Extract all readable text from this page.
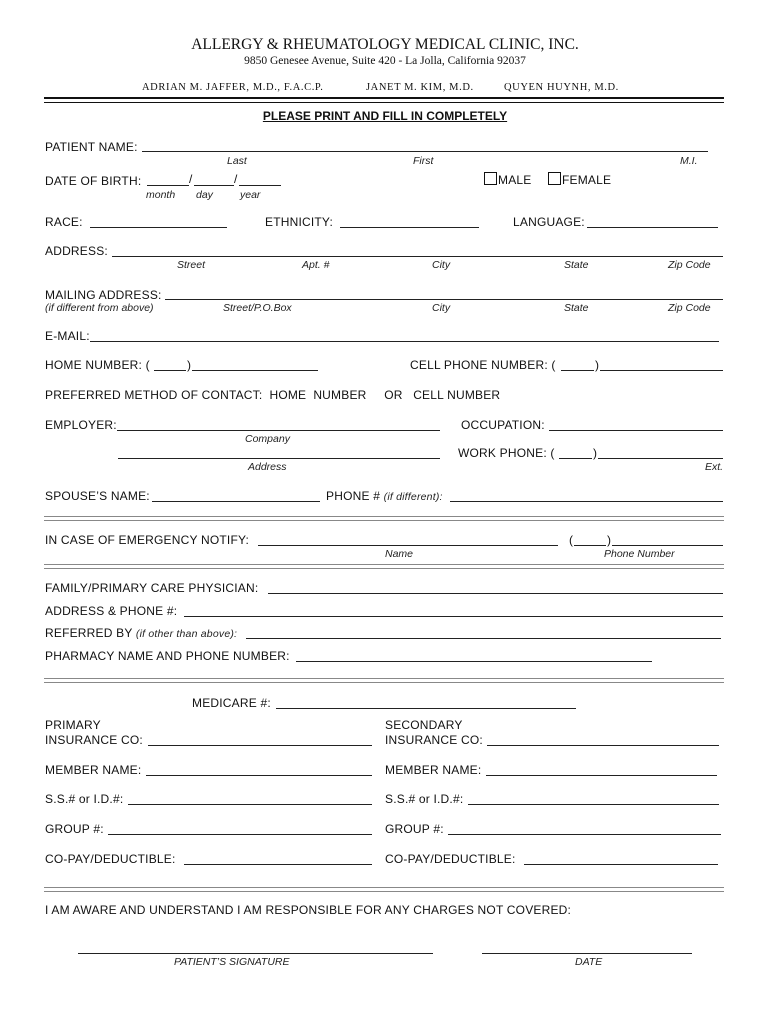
ALLERGY & RHEUMATOLOGY MEDICAL CLINIC, INC.
9850 Genesee Avenue, Suite 420 - La Jolla, California 92037
ADRIAN M. JAFFER, M.D., F.A.C.P.	JANET M. KIM, M.D.	QUYEN HUYNH, M.D.
PLEASE PRINT AND FILL IN COMPLETELY
PATIENT NAME:
Last	First	M.I.
DATE OF BIRTH:	/	/
month day	year
MALE	FEMALE
RACE:	ETHNICITY:	LANGUAGE:
ADDRESS:
Street	Apt. #	City	State	Zip Code
MAILING ADDRESS:
(if different from above)	Street/P.O.Box	City	State	Zip Code
E-MAIL:
HOME NUMBER: (	)	CELL PHONE NUMBER: (	)
PREFERRED METHOD OF CONTACT:  HOME  NUMBER     OR   CELL NUMBER
EMPLOYER:	OCCUPATION:
Company
WORK PHONE: (	)
Address	Ext.
SPOUSE’S NAME:	PHONE # (if different):
IN CASE OF EMERGENCY NOTIFY:	(	)
Name	Phone Number
FAMILY/PRIMARY CARE PHYSICIAN:
ADDRESS & PHONE #:
REFERRED BY (if other than above):
PHARMACY NAME AND PHONE NUMBER:
MEDICARE #:
PRIMARY	SECONDARY
INSURANCE CO:	INSURANCE CO:
MEMBER NAME:	MEMBER NAME:
S.S.# or I.D.#:	S.S.# or I.D.#:
GROUP #:	GROUP #:
CO-PAY/DEDUCTIBLE:	CO-PAY/DEDUCTIBLE:
I AM AWARE AND UNDERSTAND I AM RESPONSIBLE FOR ANY CHARGES NOT COVERED:
PATIENT’S SIGNATURE	DATE
